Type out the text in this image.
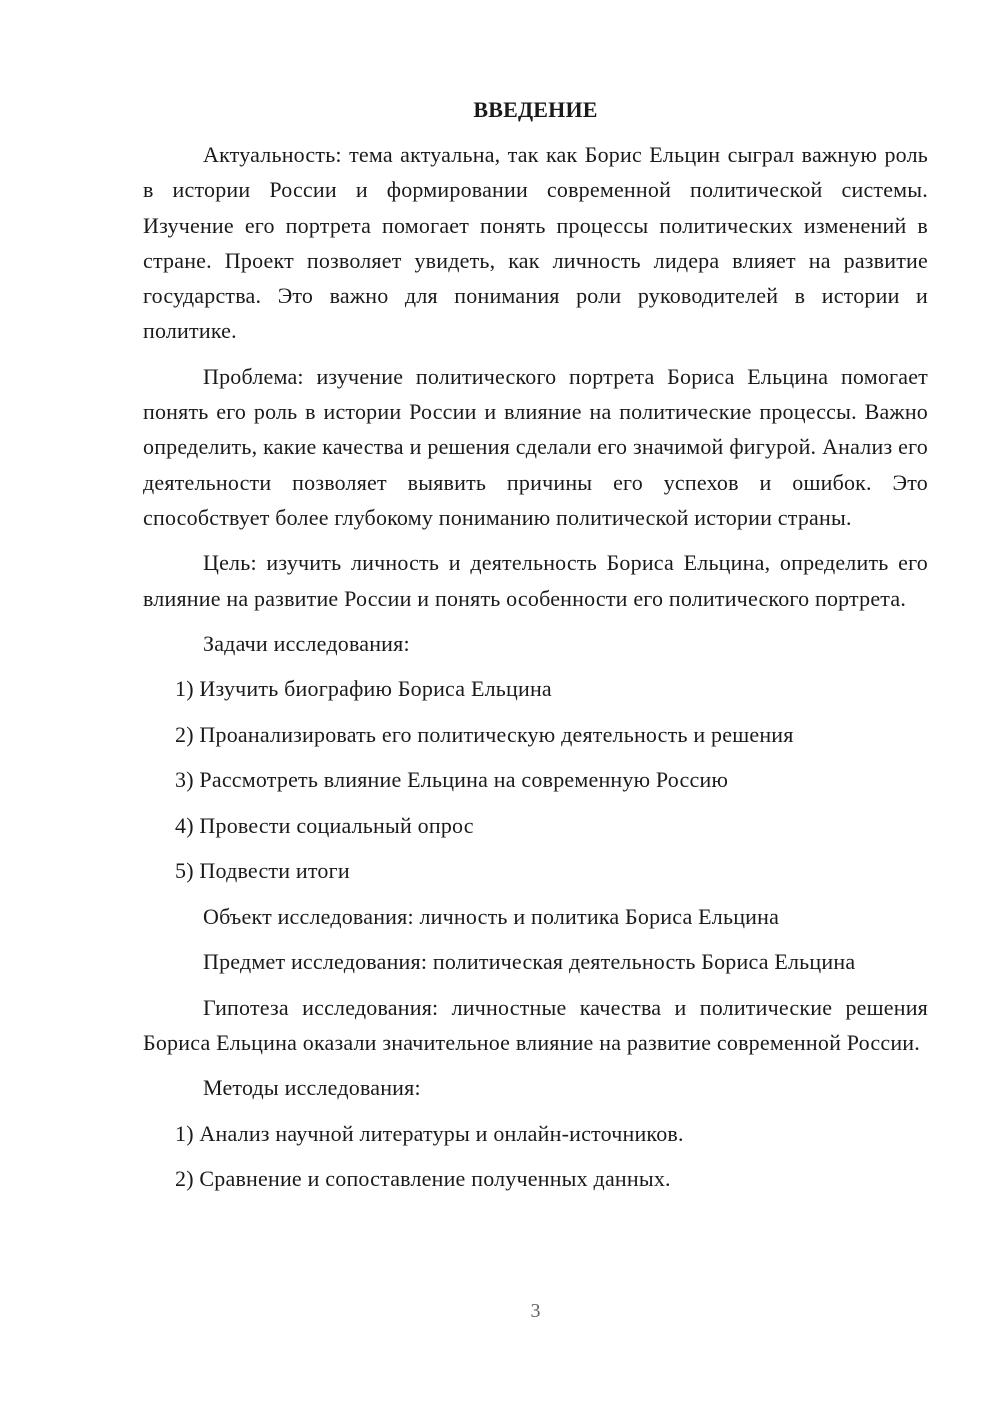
ВВЕДЕНИЕ

Актуальность: тема актуальна, так как Борис Ельцин сыграл важную роль в истории России и формировании современной политической системы. Изучение его портрета помогает понять процессы политических изменений в стране. Проект позволяет увидеть, как личность лидера влияет на развитие государства. Это важно для понимания роли руководителей в истории и политике.

Проблема: изучение политического портрета Бориса Ельцина помогает понять его роль в истории России и влияние на политические процессы. Важно определить, какие качества и решения сделали его значимой фигурой. Анализ его деятельности позволяет выявить причины его успехов и ошибок. Это способствует более глубокому пониманию политической истории страны.

Цель: изучить личность и деятельность Бориса Ельцина, определить его влияние на развитие России и понять особенности его политического портрета.

Задачи исследования:
1) Изучить биографию Бориса Ельцина
2) Проанализировать его политическую деятельность и решения
3) Рассмотреть влияние Ельцина на современную Россию
4) Провести социальный опрос
5) Подвести итоги
Объект исследования: личность и политика Бориса Ельцина
Предмет исследования: политическая деятельность Бориса Ельцина

Гипотеза исследования: личностные качества и политические решения Бориса Ельцина оказали значительное влияние на развитие современной России.

Методы исследования:
1) Анализ научной литературы и онлайн-источников.
2) Сравнение и сопоставление полученных данных.
3
